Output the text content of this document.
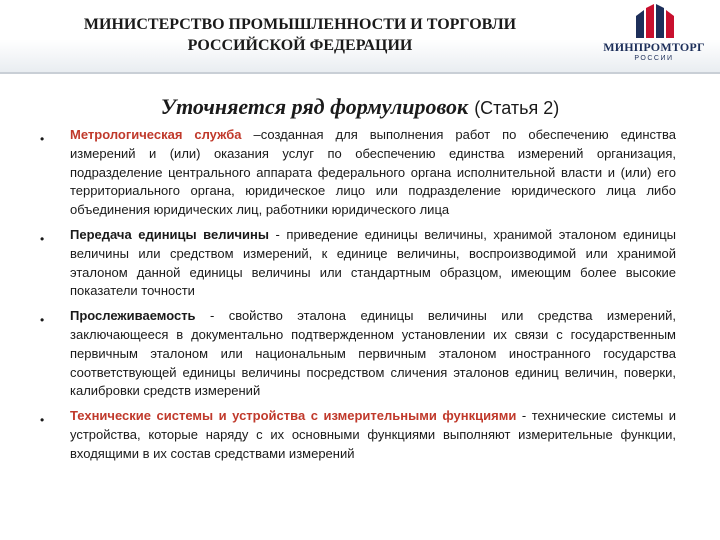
МИНИСТЕРСТВО ПРОМЫШЛЕННОСТИ И ТОРГОВЛИ
РОССИЙСКОЙ ФЕДЕРАЦИИ	МИНПРОМТОРГ
РОССИИ
Уточняется ряд формулировок (Статья 2)
• Метрологическая служба –созданная для выполнения работ по обеспечению единства измерений и (или) оказания услуг по обеспечению единства измерений организация, подразделение центрального аппарата федерального органа исполнительной власти и (или) его территориального органа, юридическое лицо или подразделение юридического лица либо объединения юридических лиц, работники юридического лица
• Передача единицы величины - приведение единицы величины, хранимой эталоном единицы величины или средством измерений, к единице величины, воспроизводимой или хранимой эталоном данной единицы величины или стандартным образцом, имеющим более высокие показатели точности
• Прослеживаемость - свойство эталона единицы величины или средства измерений, заключающееся в документально подтвержденном установлении их связи с государственным первичным эталоном или национальным первичным эталоном иностранного государства соответствующей единицы величины посредством сличения эталонов единиц величин, поверки, калибровки средств измерений
• Технические системы и устройства с измерительными функциями - технические системы и устройства, которые наряду с их основными функциями выполняют измерительные функции, входящими в их состав средствами измерений
